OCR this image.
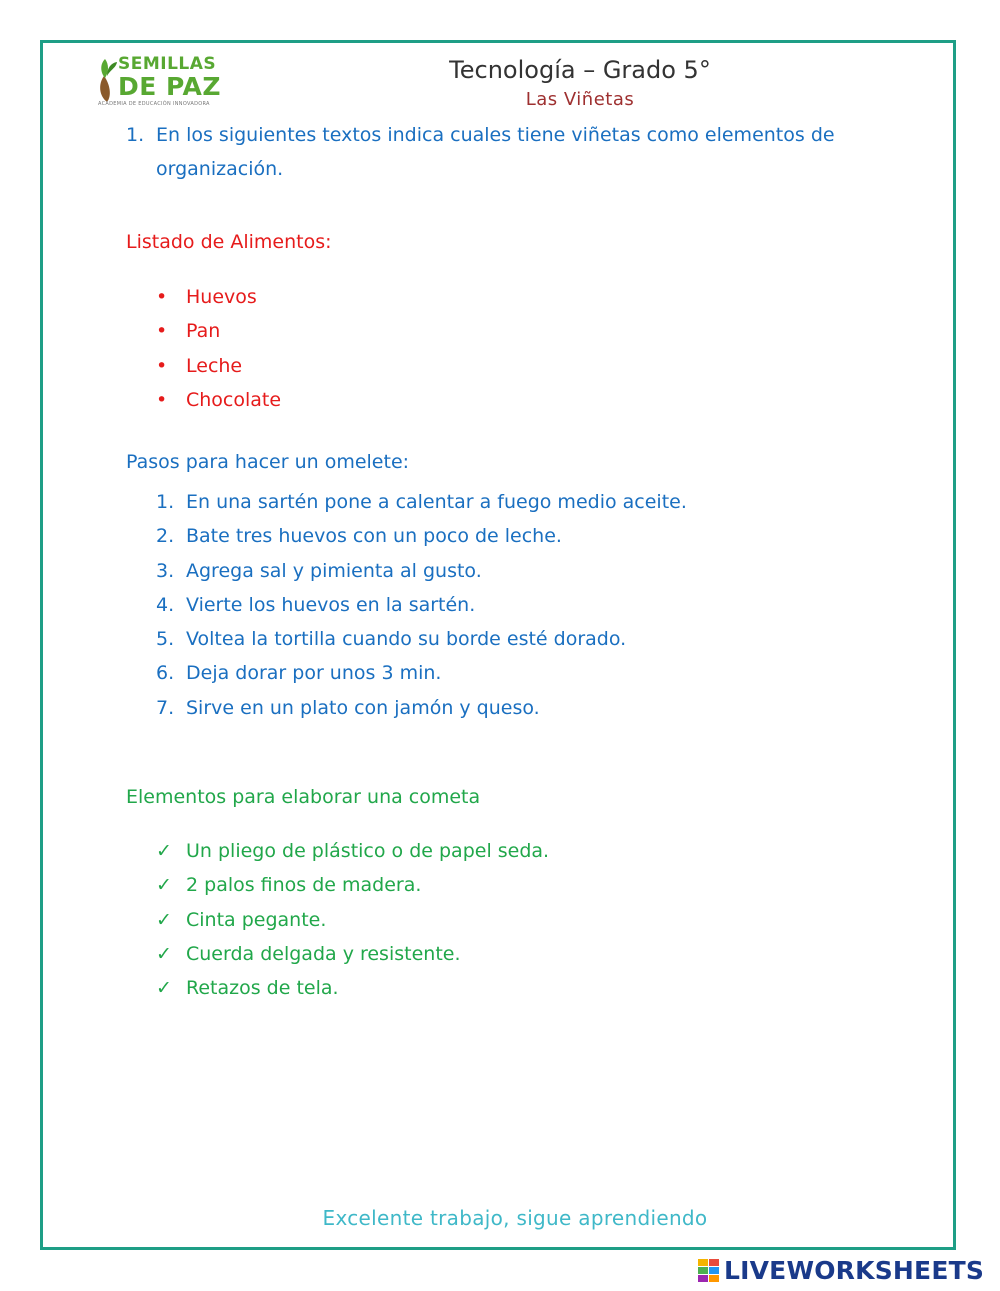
SEMILLAS
DE PAZ
ACADEMIA DE EDUCACIÓN INNOVADORA
Tecnología – Grado 5°
Las Viñetas
1. En los siguientes textos indica cuales tiene viñetas como elementos de organización.
Listado de Alimentos:
• Huevos
• Pan
• Leche
• Chocolate
Pasos para hacer un omelete:
1. En una sartén pone a calentar a fuego medio aceite.
2. Bate tres huevos con un poco de leche.
3. Agrega sal y pimienta al gusto.
4. Vierte los huevos en la sartén.
5. Voltea la tortilla cuando su borde esté dorado.
6. Deja dorar por unos 3 min.
7. Sirve en un plato con jamón y queso.
Elementos para elaborar una cometa
✓ Un pliego de plástico o de papel seda.
✓ 2 palos finos de madera.
✓ Cinta pegante.
✓ Cuerda delgada y resistente.
✓ Retazos de tela.
Excelente trabajo, sigue aprendiendo
LIVEWORKSHEETS
